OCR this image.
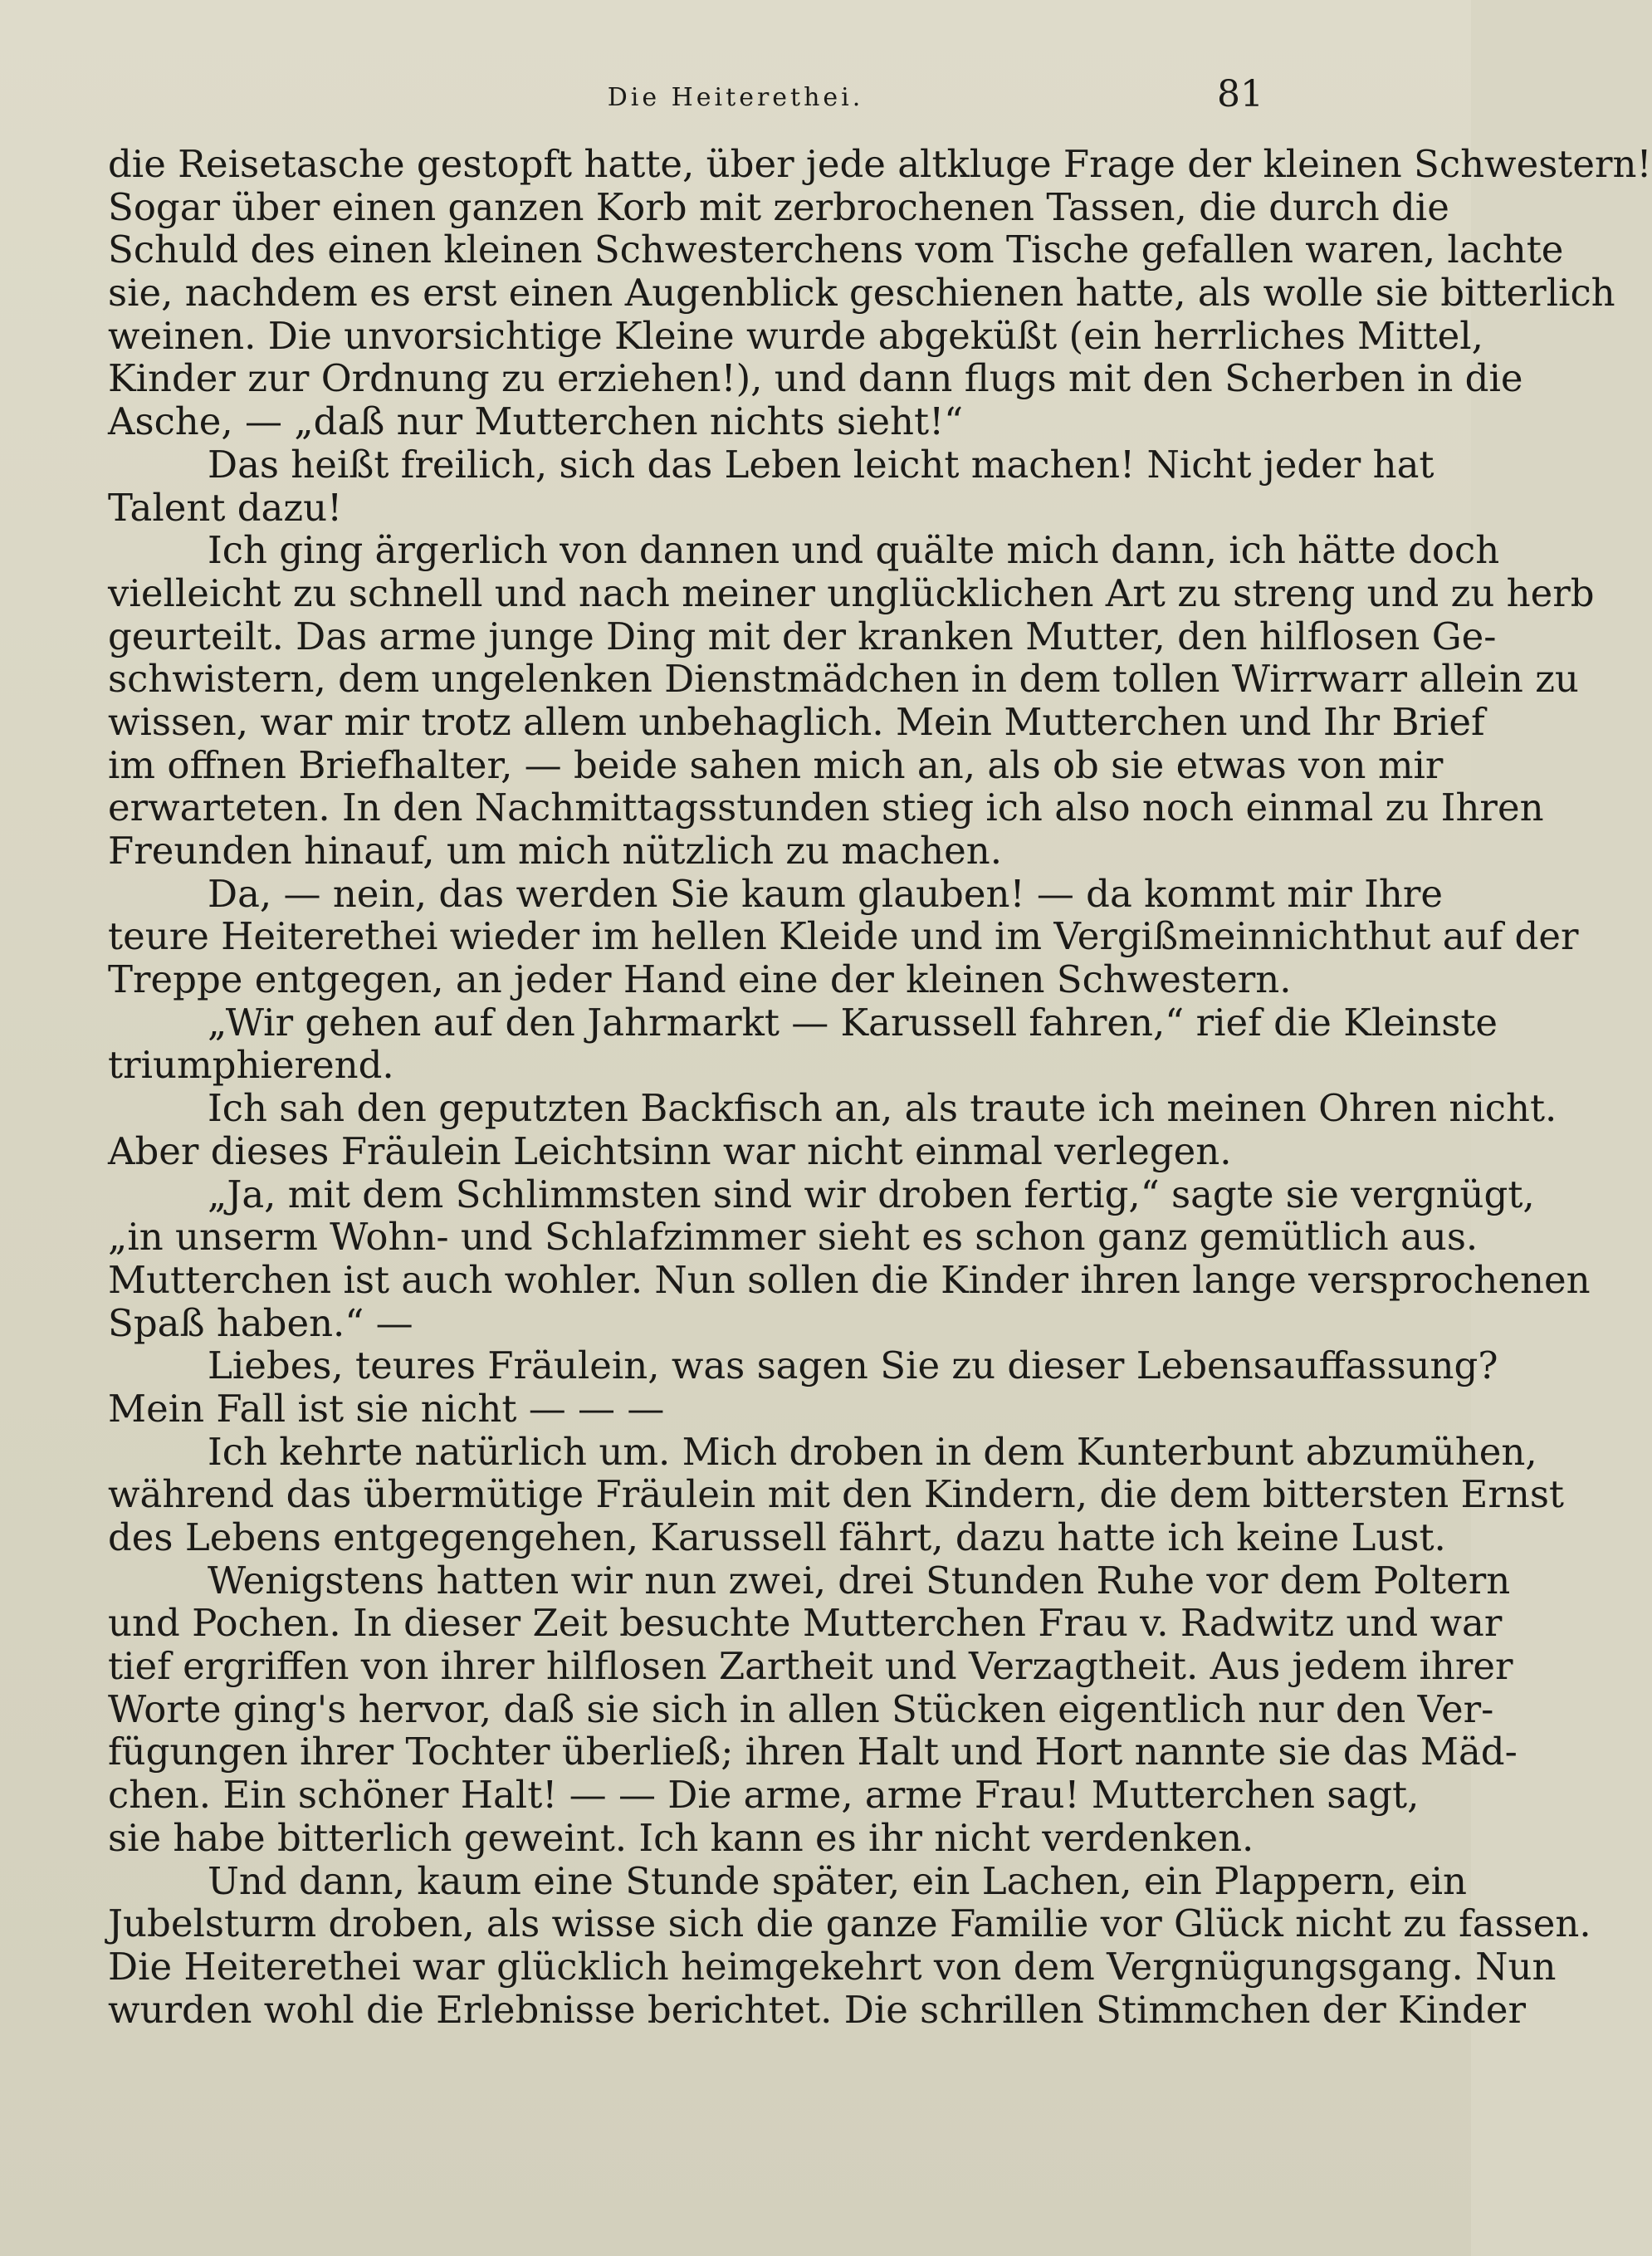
Die Heiterethei.	81
die Reisetasche gestopft hatte, über jede altkluge Frage der kleinen Schwestern!
Sogar über einen ganzen Korb mit zerbrochenen Tassen, die durch die
Schuld des einen kleinen Schwesterchens vom Tische gefallen waren, lachte
sie, nachdem es erst einen Augenblick geschienen hatte, als wolle sie bitterlich
weinen. Die unvorsichtige Kleine wurde abgeküßt (ein herrliches Mittel,
Kinder zur Ordnung zu erziehen!), und dann flugs mit den Scherben in die
Asche, — „daß nur Mutterchen nichts sieht!“
Das heißt freilich, sich das Leben leicht machen! Nicht jeder hat
Talent dazu!
Ich ging ärgerlich von dannen und quälte mich dann, ich hätte doch
vielleicht zu schnell und nach meiner unglücklichen Art zu streng und zu herb
geurteilt. Das arme junge Ding mit der kranken Mutter, den hilflosen Ge-
schwistern, dem ungelenken Dienstmädchen in dem tollen Wirrwarr allein zu
wissen, war mir trotz allem unbehaglich. Mein Mutterchen und Ihr Brief
im offnen Briefhalter, — beide sahen mich an, als ob sie etwas von mir
erwarteten. In den Nachmittagsstunden stieg ich also noch einmal zu Ihren
Freunden hinauf, um mich nützlich zu machen.
Da, — nein, das werden Sie kaum glauben! — da kommt mir Ihre
teure Heiterethei wieder im hellen Kleide und im Vergißmeinnichthut auf der
Treppe entgegen, an jeder Hand eine der kleinen Schwestern.
„Wir gehen auf den Jahrmarkt — Karussell fahren,“ rief die Kleinste
triumphierend.
Ich sah den geputzten Backfisch an, als traute ich meinen Ohren nicht.
Aber dieses Fräulein Leichtsinn war nicht einmal verlegen.
„Ja, mit dem Schlimmsten sind wir droben fertig,“ sagte sie vergnügt,
„in unserm Wohn- und Schlafzimmer sieht es schon ganz gemütlich aus.
Mutterchen ist auch wohler. Nun sollen die Kinder ihren lange versprochenen
Spaß haben.“ —
Liebes, teures Fräulein, was sagen Sie zu dieser Lebensauffassung?
Mein Fall ist sie nicht — — —
Ich kehrte natürlich um. Mich droben in dem Kunterbunt abzumühen,
während das übermütige Fräulein mit den Kindern, die dem bittersten Ernst
des Lebens entgegengehen, Karussell fährt, dazu hatte ich keine Lust.
Wenigstens hatten wir nun zwei, drei Stunden Ruhe vor dem Poltern
und Pochen. In dieser Zeit besuchte Mutterchen Frau v. Radwitz und war
tief ergriffen von ihrer hilflosen Zartheit und Verzagtheit. Aus jedem ihrer
Worte ging's hervor, daß sie sich in allen Stücken eigentlich nur den Ver-
fügungen ihrer Tochter überließ; ihren Halt und Hort nannte sie das Mäd-
chen. Ein schöner Halt! — — Die arme, arme Frau! Mutterchen sagt,
sie habe bitterlich geweint. Ich kann es ihr nicht verdenken.
Und dann, kaum eine Stunde später, ein Lachen, ein Plappern, ein
Jubelsturm droben, als wisse sich die ganze Familie vor Glück nicht zu fassen.
Die Heiterethei war glücklich heimgekehrt von dem Vergnügungsgang. Nun
wurden wohl die Erlebnisse berichtet. Die schrillen Stimmchen der Kinder
